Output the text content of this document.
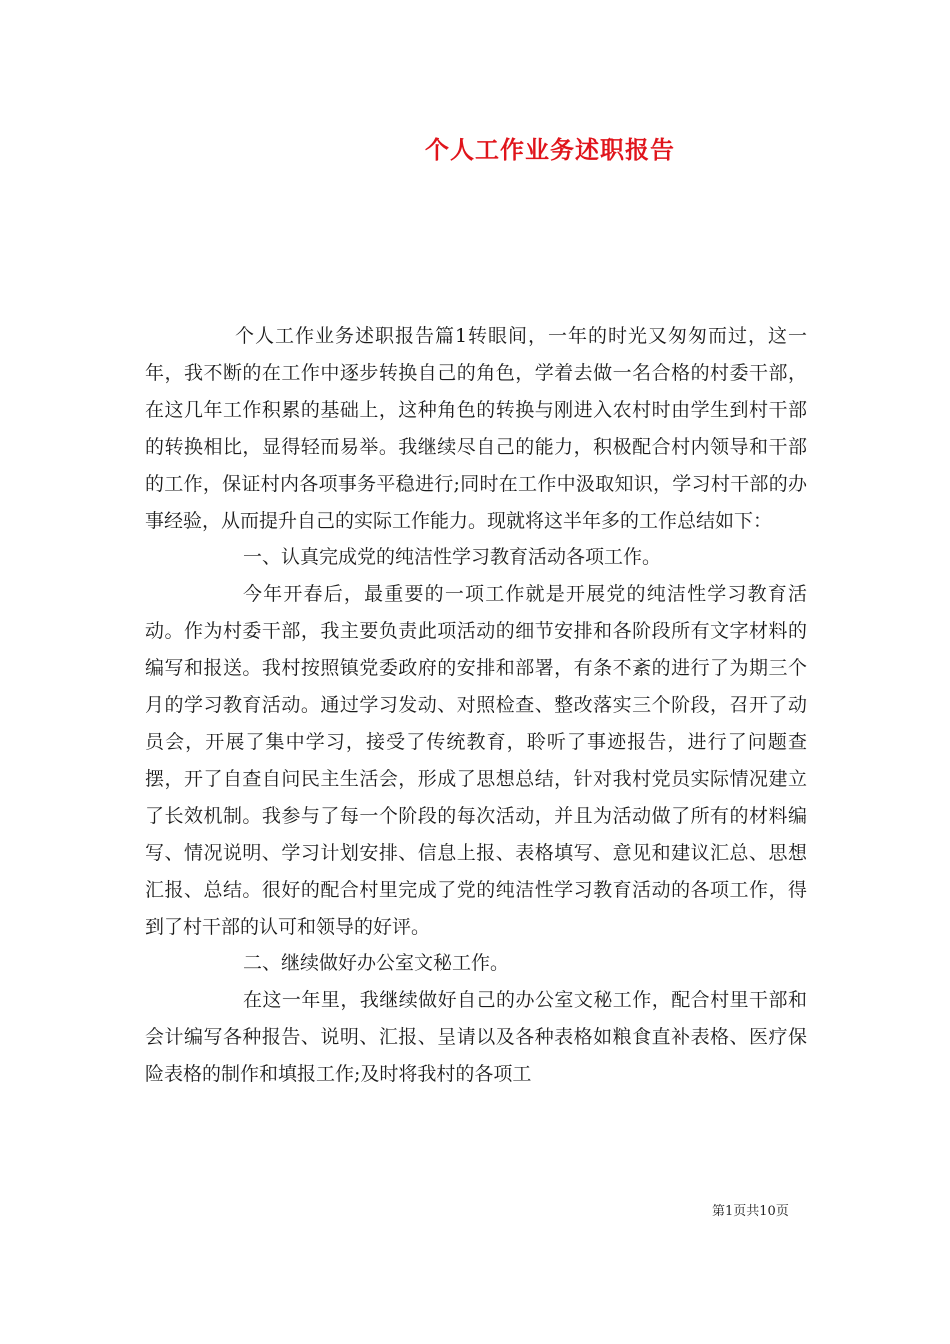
个人工作业务述职报告

个人工作业务述职报告篇1转眼间，一年的时光又匆匆而过，这一年，我不断的在工作中逐步转换自己的角色，学着去做一名合格的村委干部，在这几年工作积累的基础上，这种角色的转换与刚进入农村时由学生到村干部的转换相比，显得轻而易举。我继续尽自己的能力，积极配合村内领导和干部的工作，保证村内各项事务平稳进行;同时在工作中汲取知识，学习村干部的办事经验，从而提升自己的实际工作能力。现就将这半年多的工作总结如下：

一、认真完成党的纯洁性学习教育活动各项工作。

今年开春后，最重要的一项工作就是开展党的纯洁性学习教育活动。作为村委干部，我主要负责此项活动的细节安排和各阶段所有文字材料的编写和报送。我村按照镇党委政府的安排和部署，有条不紊的进行了为期三个月的学习教育活动。通过学习发动、对照检查、整改落实三个阶段，召开了动员会，开展了集中学习，接受了传统教育，聆听了事迹报告，进行了问题查摆，开了自查自问民主生活会，形成了思想总结，针对我村党员实际情况建立了长效机制。我参与了每一个阶段的每次活动，并且为活动做了所有的材料编写、情况说明、学习计划安排、信息上报、表格填写、意见和建议汇总、思想汇报、总结。很好的配合村里完成了党的纯洁性学习教育活动的各项工作，得到了村干部的认可和领导的好评。

二、继续做好办公室文秘工作。

在这一年里，我继续做好自己的办公室文秘工作，配合村里干部和会计编写各种报告、说明、汇报、呈请以及各种表格如粮食直补表格、医疗保险表格的制作和填报工作;及时将我村的各项工

第1页共10页
